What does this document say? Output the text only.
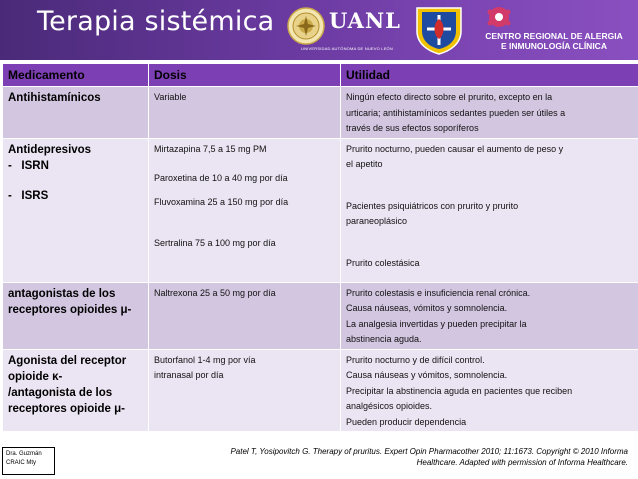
Terapia sistémica	UANL
UNIVERSIDAD AUTÓNOMA DE NUEVO LEÓN
CENTRO REGIONAL DE ALERGIA
E INMUNOLOGÍA CLÍNICA
Medicamento	Dosis	Utilidad

Antihistamínicos	Variable	Ningún efecto directo sobre el prurito, excepto en la
urticaria; antihistamínicos sedantes pueden ser útiles a
través de sus efectos soporíferos

Antidepresivos
-   ISRN
-   ISRS	Mirtazapina 7,5 a 15 mg PM
Paroxetina de 10 a 40 mg por día
Fluvoxamina 25 a 150 mg por día
Sertralina 75 a 100 mg por día	Prurito nocturno, pueden causar el aumento de peso y
el apetito
Pacientes psiquiátricos con prurito y prurito
paraneoplásico
Prurito colestásica

antagonistas de los
receptores opioides μ-	Naltrexona 25 a 50 mg por día	Prurito colestasis e insuficiencia renal crónica.
Causa náuseas, vómitos y somnolencia.
La analgesia invertidas y pueden precipitar la
abstinencia aguda.

Agonista del receptor
opioide κ-
/antagonista de los
receptores opioide μ-	Butorfanol 1-4 mg por vía
intranasal por día	Prurito nocturno y de difícil control.
Causa náuseas y vómitos, somnolencia.
Precipitar la abstinencia aguda en pacientes que reciben
analgésicos opioides.
Pueden producir dependencia
Dra. Guzmán
CRAIC Mty
Patel T, Yosipovitch G. Therapy of pruritus. Expert Opin Pharmacother 2010; 11:1673. Copyright © 2010 Informa
Healthcare. Adapted with permission of Informa Healthcare.
